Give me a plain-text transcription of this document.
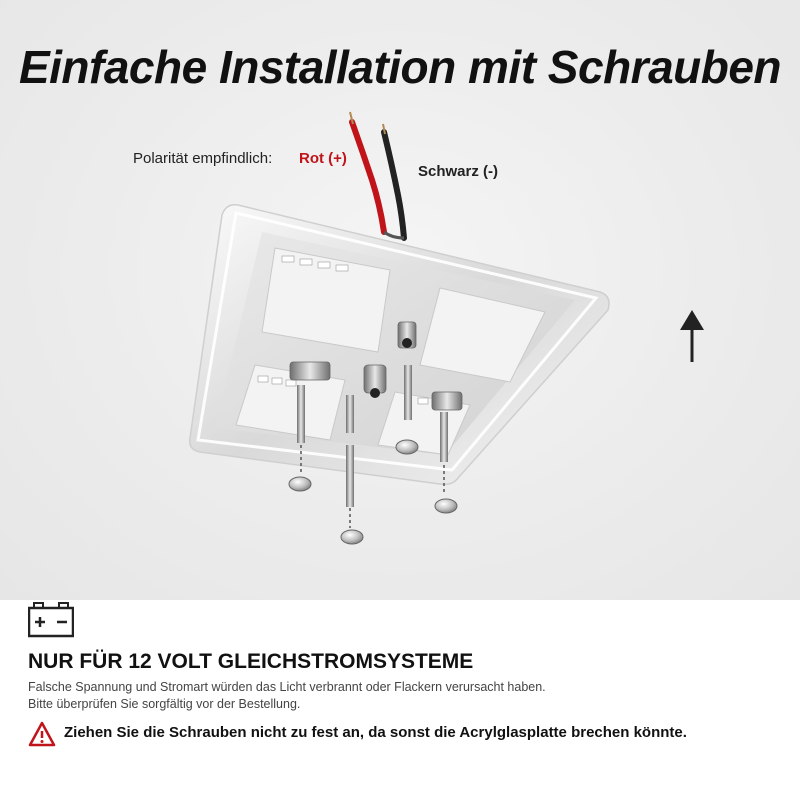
Einfache Installation mit Schrauben
Polarität empfindlich: Rot (+)
Schwarz (-)
NUR FÜR 12 VOLT GLEICHSTROMSYSTEME
Falsche Spannung und Stromart würden das Licht verbrannt oder Flackern verursacht haben.
Bitte überprüfen Sie sorgfältig vor der Bestellung.
Ziehen Sie die Schrauben nicht zu fest an, da sonst die Acrylglasplatte brechen könnte.
